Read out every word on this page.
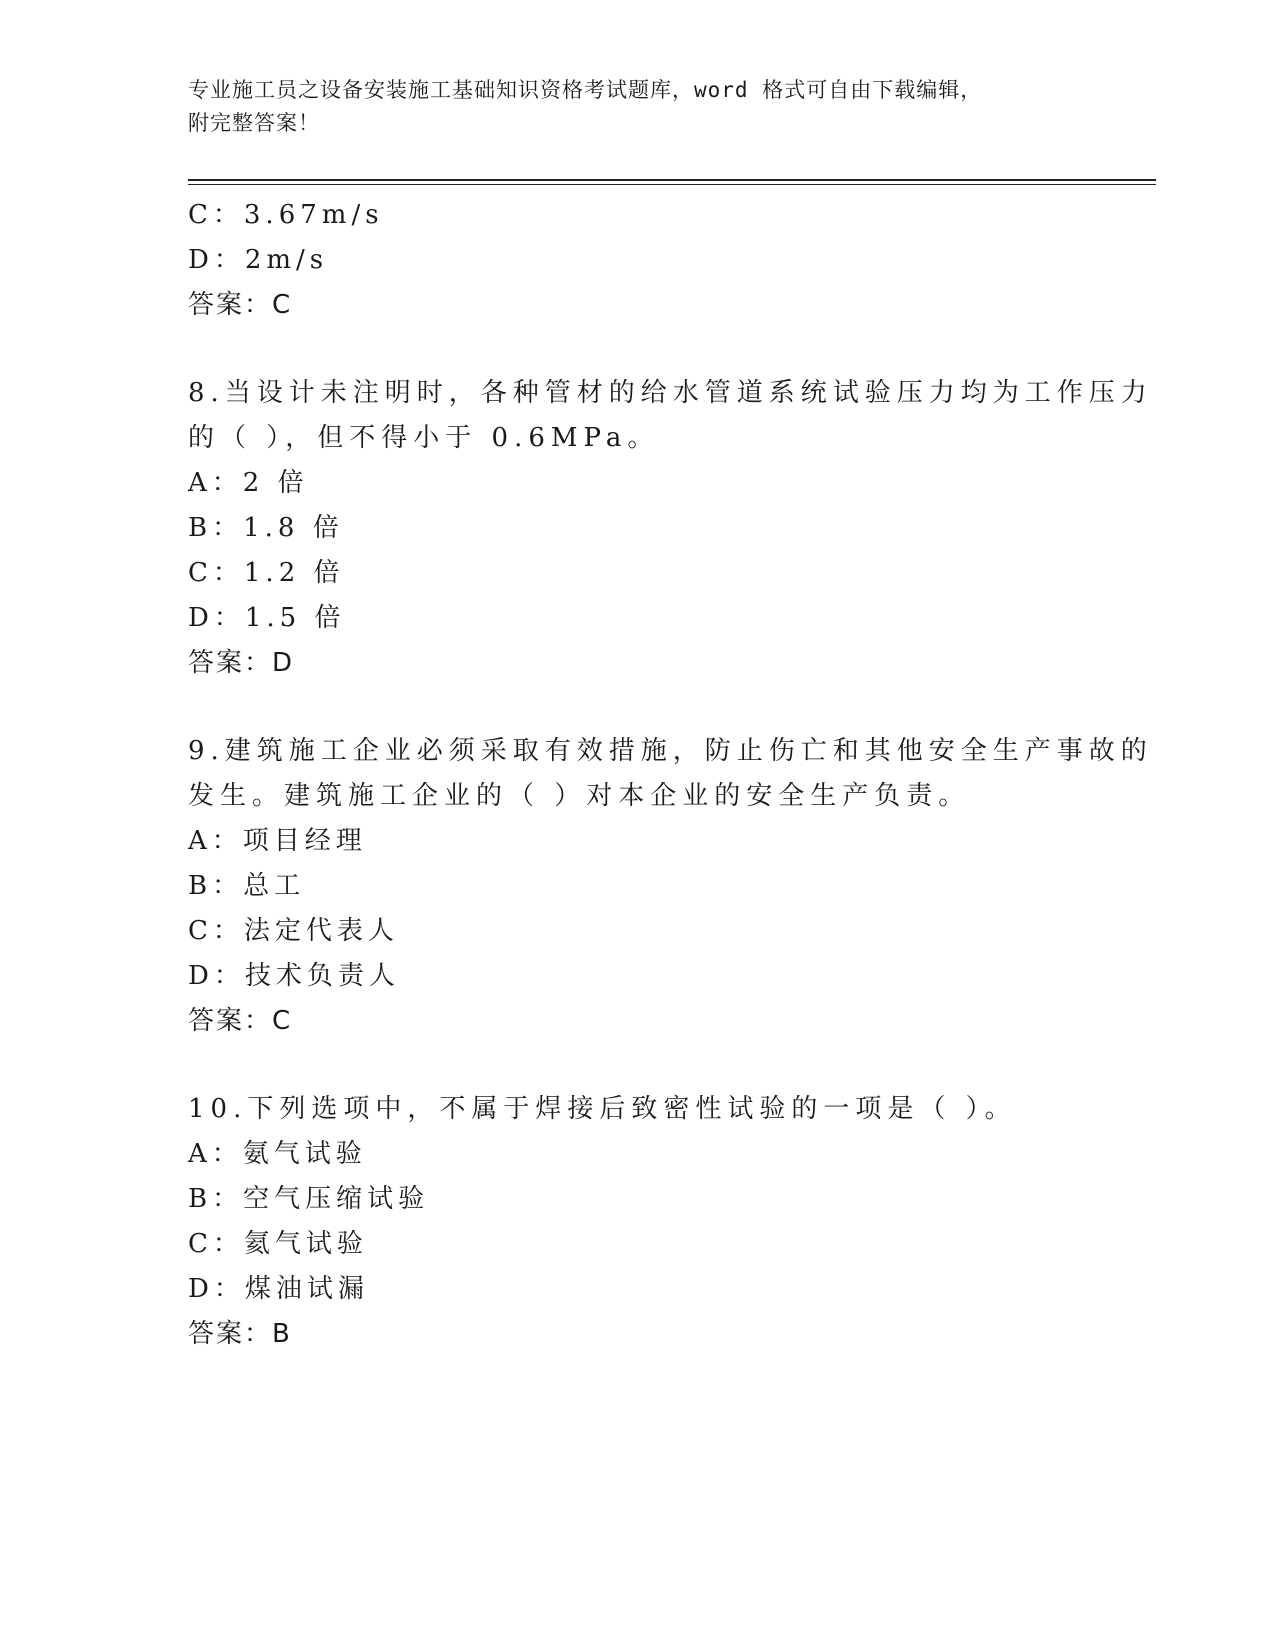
专业施工员之设备安装施工基础知识资格考试题库，word 格式可自由下载编辑，
附完整答案！
C：3.67m/s
D：2m/s
答案：C
8.当设计未注明时，各种管材的给水管道系统试验压力均为工作压力
的（ ），但不得小于 0.6MPa。
A：2 倍
B：1.8 倍
C：1.2 倍
D：1.5 倍
答案：D
9.建筑施工企业必须采取有效措施，防止伤亡和其他安全生产事故的
发生。建筑施工企业的（ ）对本企业的安全生产负责。
A：项目经理
B：总工
C：法定代表人
D：技术负责人
答案：C
10.下列选项中，不属于焊接后致密性试验的一项是（ ）。
A：氨气试验
B：空气压缩试验
C：氦气试验
D：煤油试漏
答案：B
